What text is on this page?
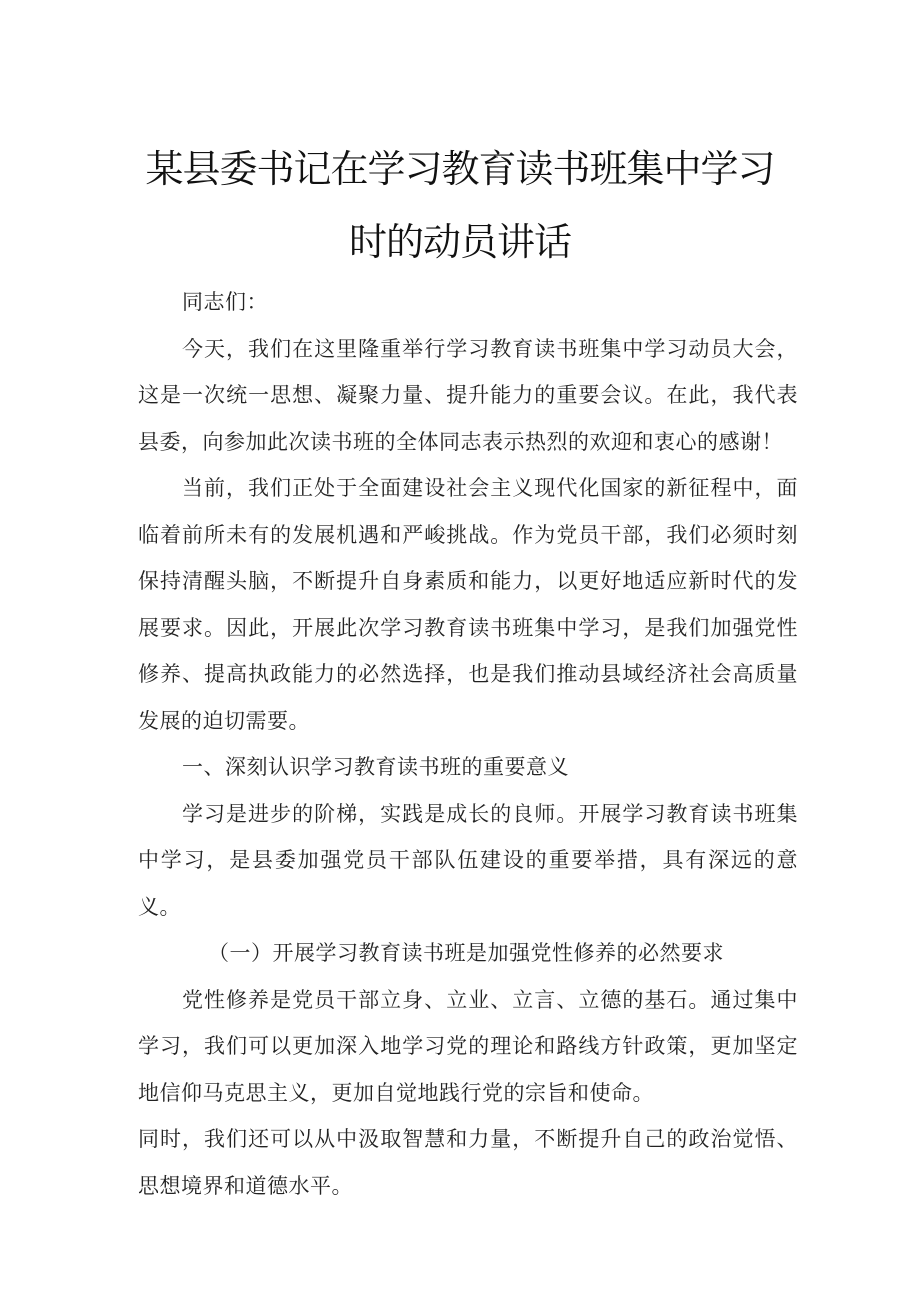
某县委书记在学习教育读书班集中学习
时的动员讲话

同志们：

今天，我们在这里隆重举行学习教育读书班集中学习动员大会，这是一次统一思想、凝聚力量、提升能力的重要会议。在此，我代表县委，向参加此次读书班的全体同志表示热烈的欢迎和衷心的感谢！

当前，我们正处于全面建设社会主义现代化国家的新征程中，面临着前所未有的发展机遇和严峻挑战。作为党员干部，我们必须时刻保持清醒头脑，不断提升自身素质和能力，以更好地适应新时代的发展要求。因此，开展此次学习教育读书班集中学习，是我们加强党性修养、提高执政能力的必然选择，也是我们推动县域经济社会高质量发展的迫切需要。

一、深刻认识学习教育读书班的重要意义

学习是进步的阶梯，实践是成长的良师。开展学习教育读书班集中学习，是县委加强党员干部队伍建设的重要举措，具有深远的意义。

（一）开展学习教育读书班是加强党性修养的必然要求

党性修养是党员干部立身、立业、立言、立德的基石。通过集中学习，我们可以更加深入地学习党的理论和路线方针政策，更加坚定地信仰马克思主义，更加自觉地践行党的宗旨和使命。

同时，我们还可以从中汲取智慧和力量，不断提升自己的政治觉悟、思想境界和道德水平。
